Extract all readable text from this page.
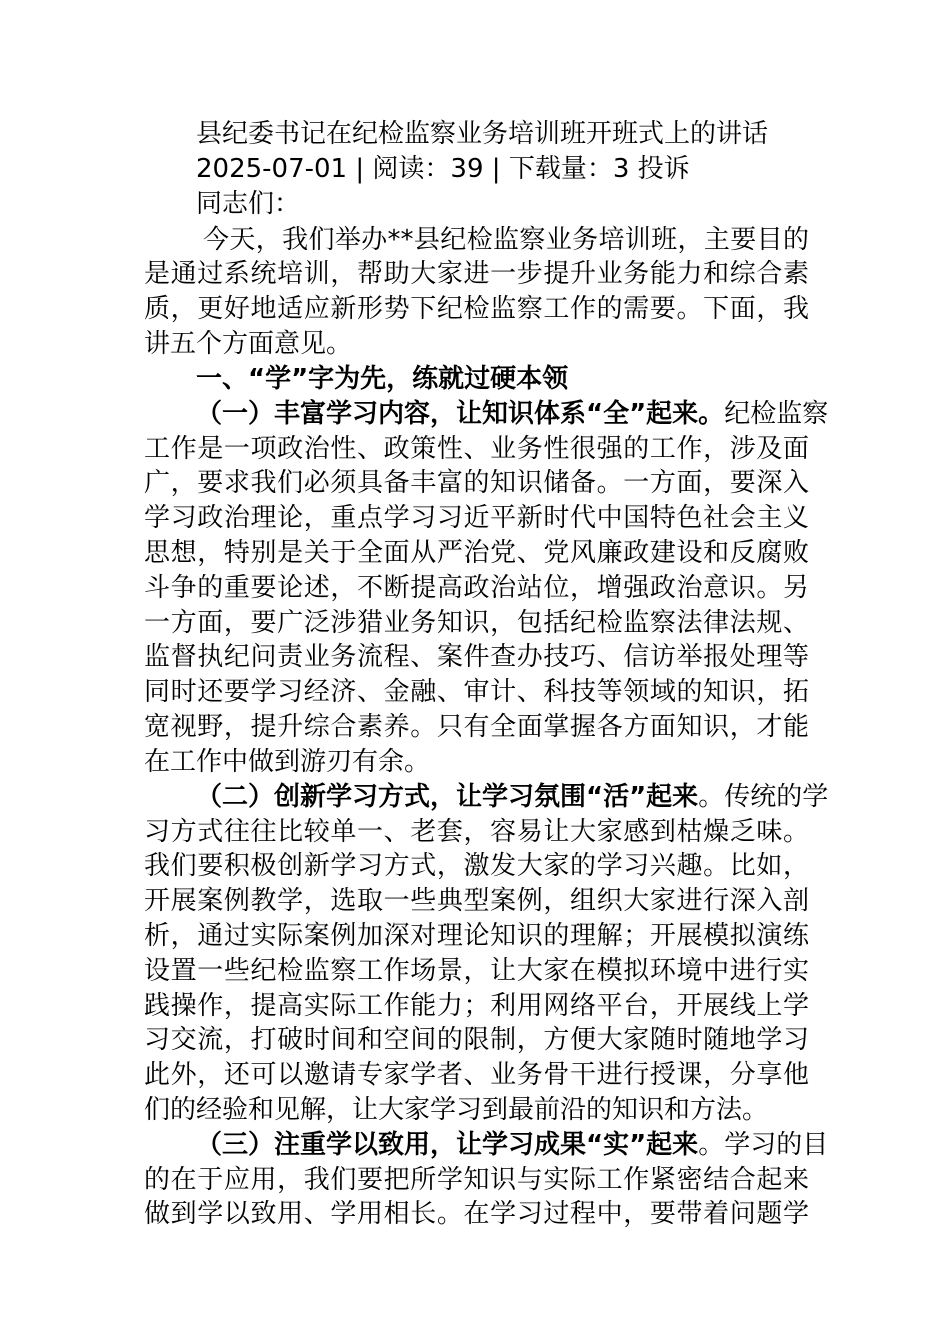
县纪委书记在纪检监察业务培训班开班式上的讲话
2025-07-01 | 阅读：39 | 下载量：3 投诉
同志们：
今天，我们举办**县纪检监察业务培训班，主要目的
是通过系统培训，帮助大家进一步提升业务能力和综合素
质，更好地适应新形势下纪检监察工作的需要。下面，我
讲五个方面意见。
一、“学”字为先，练就过硬本领
（一）丰富学习内容，让知识体系“全”起来。纪检监察
工作是一项政治性、政策性、业务性很强的工作，涉及面
广，要求我们必须具备丰富的知识储备。一方面，要深入
学习政治理论，重点学习习近平新时代中国特色社会主义
思想，特别是关于全面从严治党、党风廉政建设和反腐败
斗争的重要论述，不断提高政治站位，增强政治意识。另
一方面，要广泛涉猎业务知识，包括纪检监察法律法规、
监督执纪问责业务流程、案件查办技巧、信访举报处理等
同时还要学习经济、金融、审计、科技等领域的知识，拓
宽视野，提升综合素养。只有全面掌握各方面知识，才能
在工作中做到游刃有余。
（二）创新学习方式，让学习氛围“活”起来。传统的学
习方式往往比较单一、老套，容易让大家感到枯燥乏味。
我们要积极创新学习方式，激发大家的学习兴趣。比如，
开展案例教学，选取一些典型案例，组织大家进行深入剖
析，通过实际案例加深对理论知识的理解；开展模拟演练
设置一些纪检监察工作场景，让大家在模拟环境中进行实
践操作，提高实际工作能力；利用网络平台，开展线上学
习交流，打破时间和空间的限制，方便大家随时随地学习
此外，还可以邀请专家学者、业务骨干进行授课，分享他
们的经验和见解，让大家学习到最前沿的知识和方法。
（三）注重学以致用，让学习成果“实”起来。学习的目
的在于应用，我们要把所学知识与实际工作紧密结合起来
做到学以致用、学用相长。在学习过程中，要带着问题学
